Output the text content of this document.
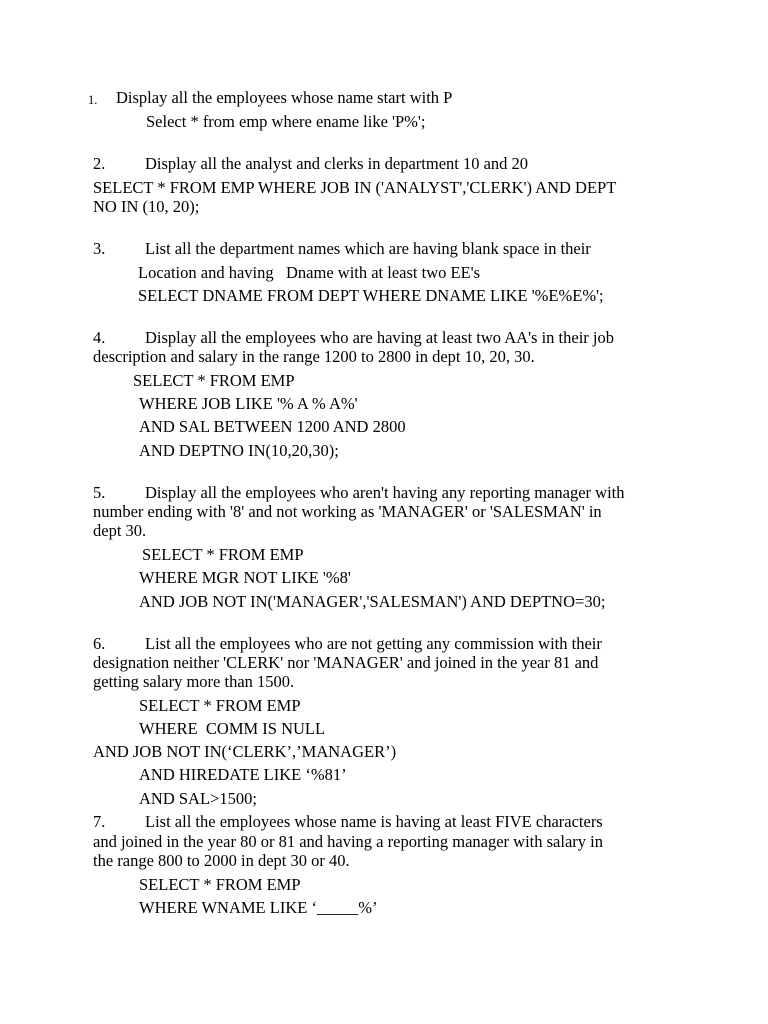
1. Display all the employees whose name start with P
Select * from emp where ename like 'P%';
2. Display all the analyst and clerks in department 10 and 20
SELECT * FROM EMP WHERE JOB IN ('ANALYST','CLERK') AND DEPT
NO IN (10, 20);
3. List all the department names which are having blank space in their
Location and having   Dname with at least two EE's
SELECT DNAME FROM DEPT WHERE DNAME LIKE '%E%E%';
4. Display all the employees who are having at least two AA's in their job
description and salary in the range 1200 to 2800 in dept 10, 20, 30.
SELECT * FROM EMP
WHERE JOB LIKE '% A % A%'
AND SAL BETWEEN 1200 AND 2800
AND DEPTNO IN(10,20,30);
5. Display all the employees who aren't having any reporting manager with
number ending with '8' and not working as 'MANAGER' or 'SALESMAN' in
dept 30.
SELECT * FROM EMP
WHERE MGR NOT LIKE '%8'
AND JOB NOT IN('MANAGER','SALESMAN') AND DEPTNO=30;
6. List all the employees who are not getting any commission with their
designation neither 'CLERK' nor 'MANAGER' and joined in the year 81 and
getting salary more than 1500.
SELECT * FROM EMP
WHERE  COMM IS NULL
AND JOB NOT IN(‘CLERK’,’MANAGER’)
AND HIREDATE LIKE ‘%81’
AND SAL>1500;
7. List all the employees whose name is having at least FIVE characters
and joined in the year 80 or 81 and having a reporting manager with salary in
the range 800 to 2000 in dept 30 or 40.
SELECT * FROM EMP
WHERE WNAME LIKE ‘_____%’
